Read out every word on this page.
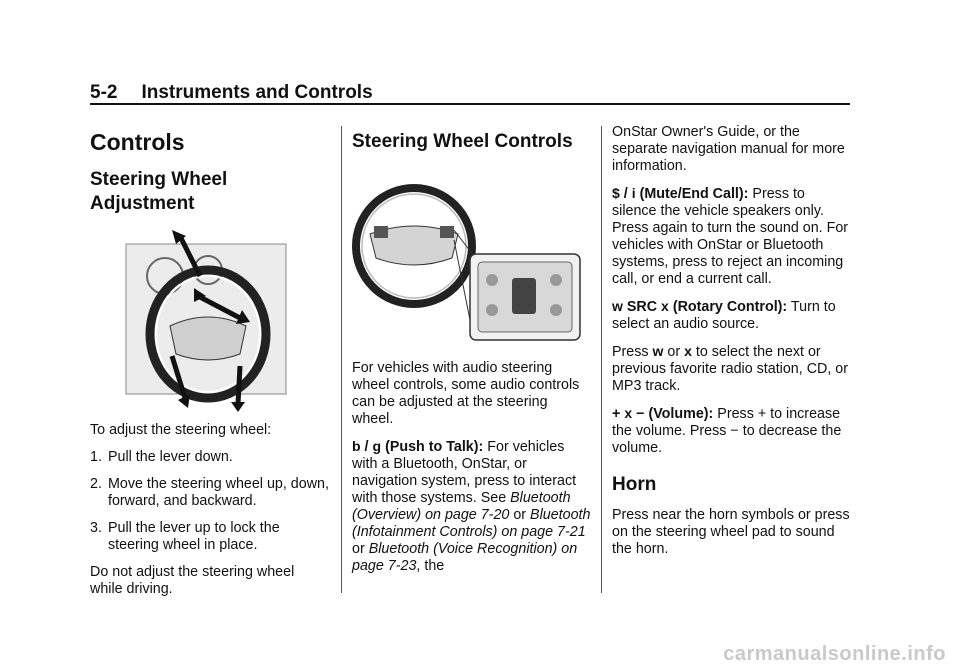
5-2 Instruments and Controls
Controls
Steering Wheel
Adjustment

To adjust the steering wheel:

1. Pull the lever down.
2. Move the steering wheel up, down, forward, and backward.
3. Pull the lever up to lock the steering wheel in place.

Do not adjust the steering wheel while driving.

Steering Wheel Controls

For vehicles with audio steering wheel controls, some audio controls can be adjusted at the steering wheel.

b / g (Push to Talk): For vehicles with a Bluetooth, OnStar, or navigation system, press to interact with those systems. See Bluetooth (Overview) on page 7-20 or Bluetooth (Infotainment Controls) on page 7-21 or Bluetooth (Voice Recognition) on page 7-23, the

OnStar Owner's Guide, or the separate navigation manual for more information.

$ / i (Mute/End Call): Press to silence the vehicle speakers only. Press again to turn the sound on. For vehicles with OnStar or Bluetooth systems, press to reject an incoming call, or end a current call.

w SRC x (Rotary Control): Turn to select an audio source.

Press w or x to select the next or previous favorite radio station, CD, or MP3 track.

+ x − (Volume): Press + to increase the volume. Press − to decrease the volume.

Horn

Press near the horn symbols or press on the steering wheel pad to sound the horn.

carmanualsonline.info
